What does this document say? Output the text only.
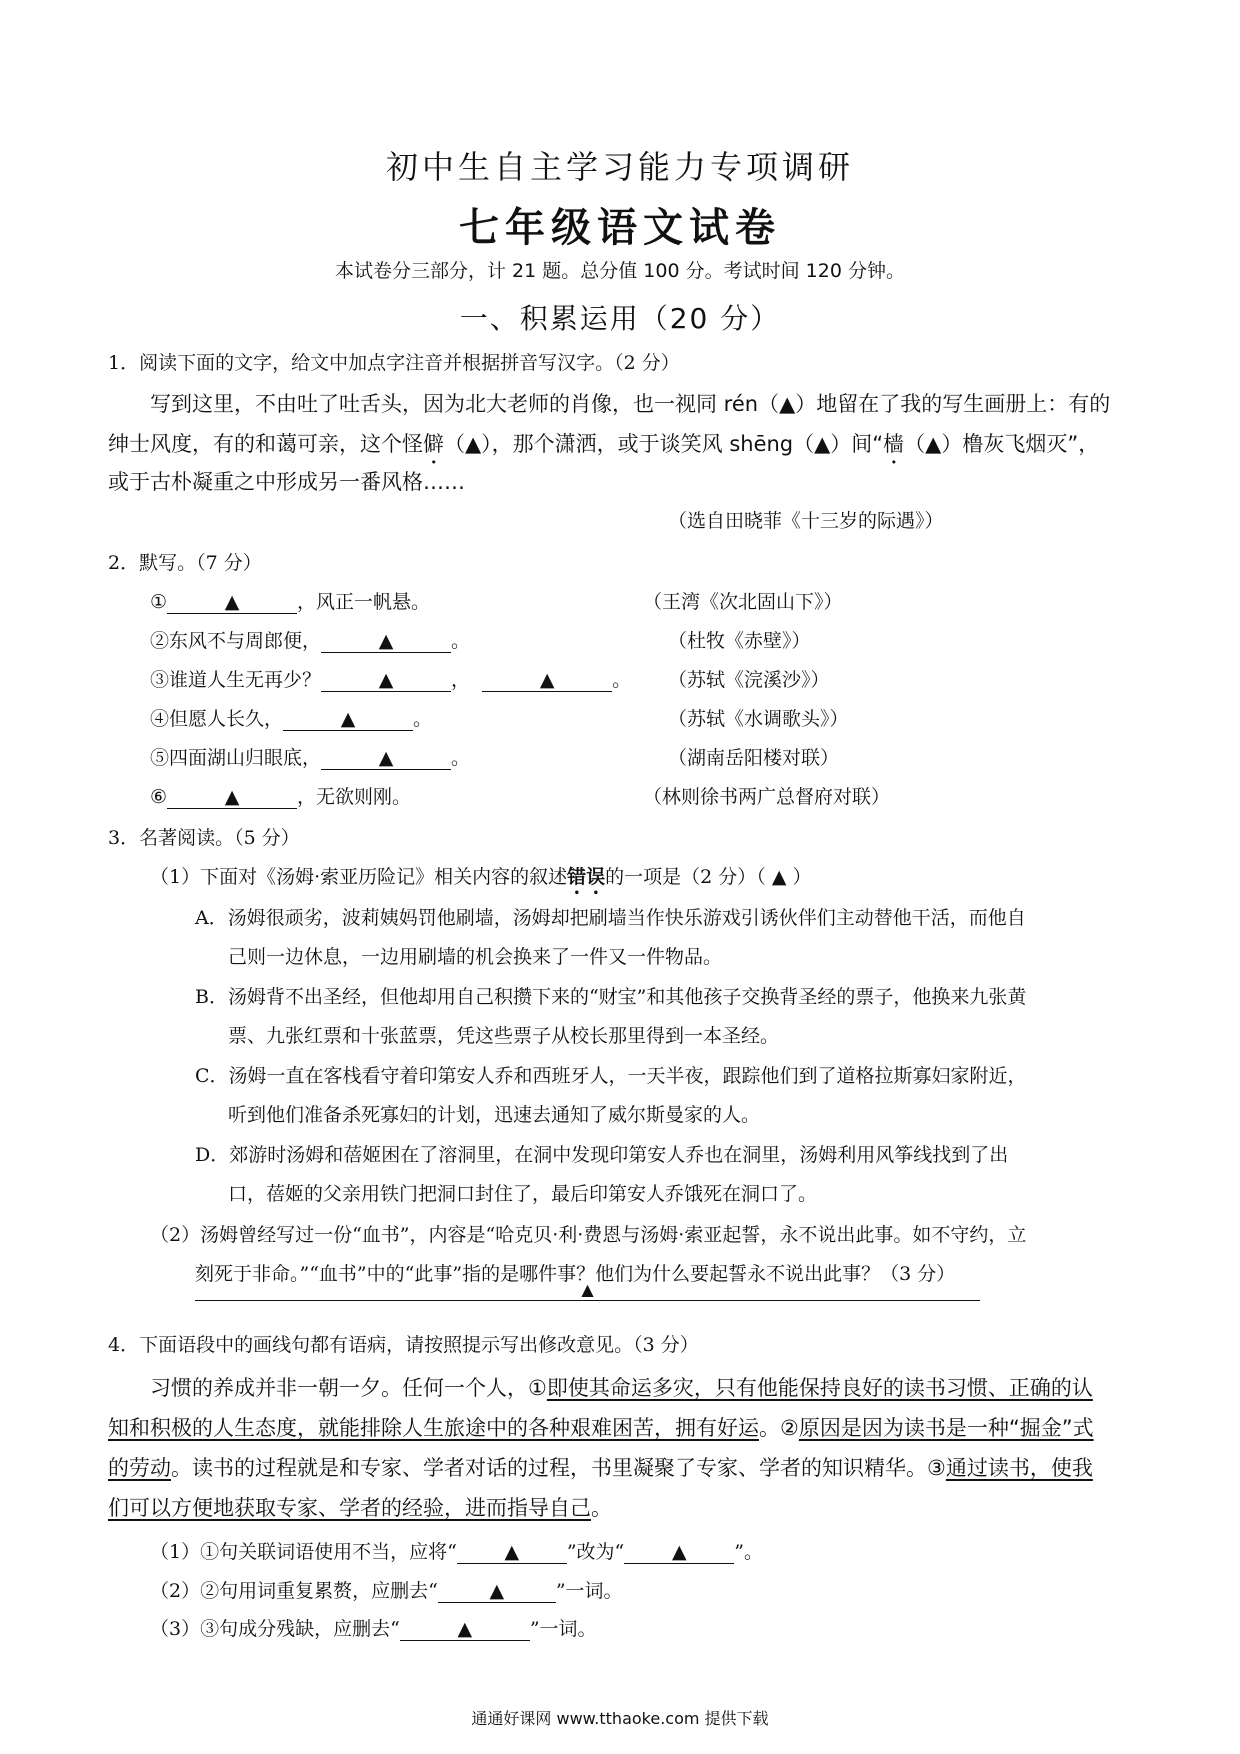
初中生自主学习能力专项调研
七年级语文试卷
本试卷分三部分，计 21 题。总分值 100 分。考试时间 120 分钟。
一、积累运用（20 分）
1．阅读下面的文字，给文中加点字注音并根据拼音写汉字。（2 分）
写到这里，不由吐了吐舌头，因为北大老师的肖像，也一视同 rén（▲）地留在了我的写生画册上：有的
绅士风度，有的和蔼可亲，这个怪僻（▲），那个潇洒，或于谈笑风 shēng（▲）间“樯（▲）橹灰飞烟灭”，
或于古朴凝重之中形成另一番风格……
（选自田晓菲《十三岁的际遇》）
2．默写。（7 分）
①	▲	，风正一帆悬。	（王湾《次北固山下》）
②东风不与周郎便，	▲	。	（杜牧《赤壁》）
③谁道人生无再少？	▲	，	▲	。 （苏轼《浣溪沙》）
④但愿人长久，	▲	。	（苏轼《水调歌头》）
⑤四面湖山归眼底，	▲	。	（湖南岳阳楼对联）
⑥	▲	，无欲则刚。	（林则徐书两广总督府对联）
3．名著阅读。（5 分）
（1）下面对《汤姆·索亚历险记》相关内容的叙述错误的一项是（2 分）（ ▲ ）
A．汤姆很顽劣，波莉姨妈罚他刷墙，汤姆却把刷墙当作快乐游戏引诱伙伴们主动替他干活，而他自
己则一边休息，一边用刷墙的机会换来了一件又一件物品。
B．汤姆背不出圣经，但他却用自己积攒下来的“财宝”和其他孩子交换背圣经的票子，他换来九张黄
票、九张红票和十张蓝票，凭这些票子从校长那里得到一本圣经。
C．汤姆一直在客栈看守着印第安人乔和西班牙人，一天半夜，跟踪他们到了道格拉斯寡妇家附近，
听到他们准备杀死寡妇的计划，迅速去通知了威尔斯曼家的人。
D．郊游时汤姆和蓓姬困在了溶洞里，在洞中发现印第安人乔也在洞里，汤姆利用风筝线找到了出
口，蓓姬的父亲用铁门把洞口封住了，最后印第安人乔饿死在洞口了。
（2）汤姆曾经写过一份“血书”，内容是“哈克贝·利·费恩与汤姆·索亚起誓，永不说出此事。如不守约，立
刻死于非命。”“血书”中的“此事”指的是哪件事？他们为什么要起誓永不说出此事？（3 分）
▲
4．下面语段中的画线句都有语病，请按照提示写出修改意见。（3 分）
习惯的养成并非一朝一夕。任何一个人，①即使其命运多灾，只有他能保持良好的读书习惯、正确的认
知和积极的人生态度，就能排除人生旅途中的各种艰难困苦，拥有好运。②原因是因为读书是一种“掘金”式
的劳动。读书的过程就是和专家、学者对话的过程，书里凝聚了专家、学者的知识精华。③通过读书，使我
们可以方便地获取专家、学者的经验，进而指导自己。
（1）①句关联词语使用不当，应将“	▲	”改为“	▲	”。
（2）②句用词重复累赘，应删去“	▲	”一词。
（3）③句成分残缺，应删去“	▲	”一词。
通通好课网 www.tthaoke.com 提供下载
